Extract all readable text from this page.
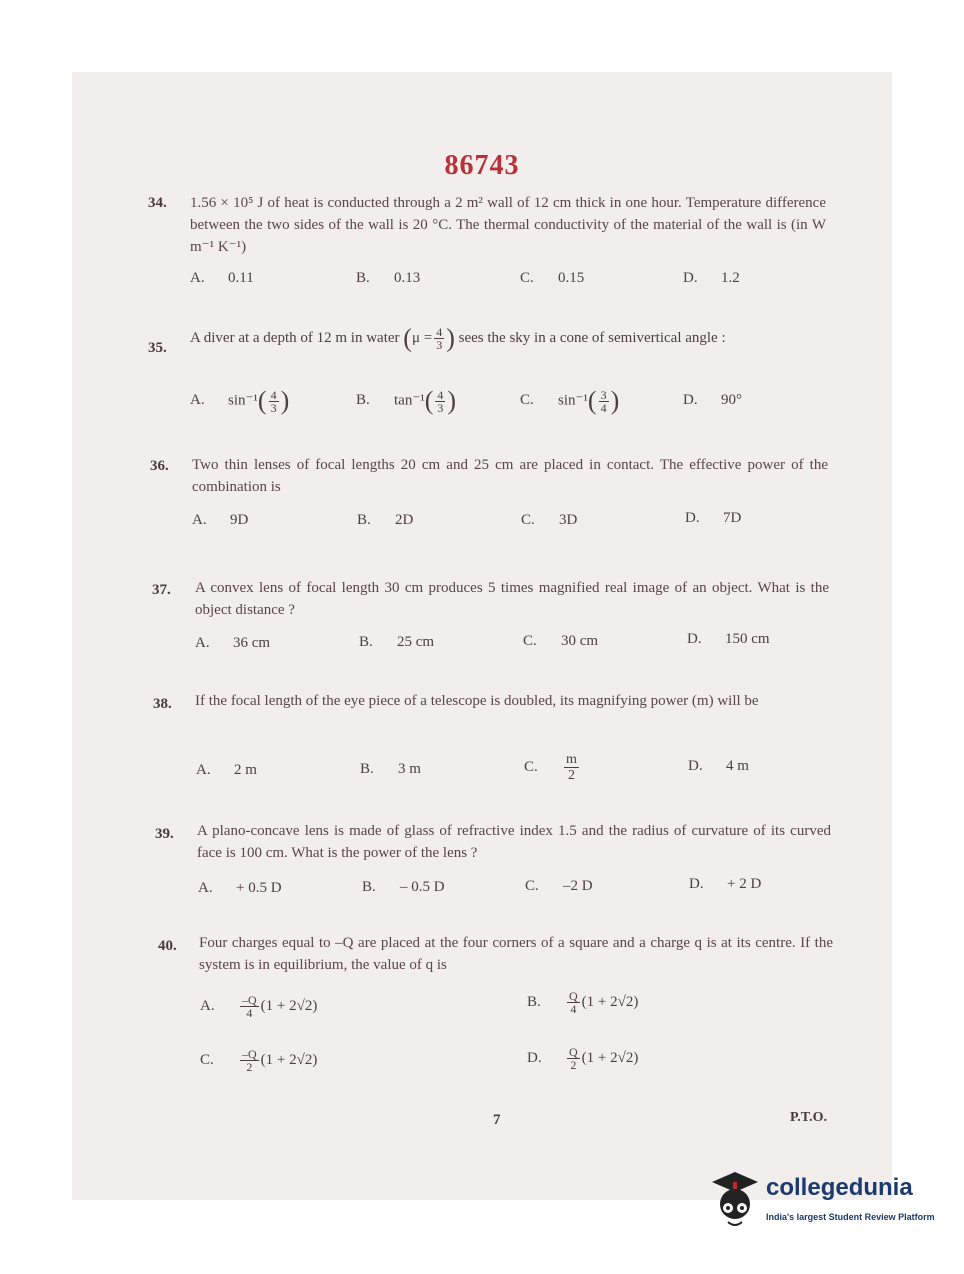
86743
34. 1.56 × 10⁵ J of heat is conducted through a 2 m² wall of 12 cm thick in one hour. Temperature difference between the two sides of the wall is 20 °C. The thermal conductivity of the material of the wall is (in W m⁻¹ K⁻¹)
A. 0.11	B. 0.13	C. 0.15	D. 1.2
35.
A diver at a depth of 12 m in water ($\mu = \frac{4}{3}$ ) sees the sky in a cone of semivertical angle :
A. $\sin^{-1}( \frac{4}{3}$ )	B. $\tan^{-1}( \frac{4}{3}$ )	C. $\sin^{-1}( \frac{3}{4}$ )	D. 90°
36. Two thin lenses of focal lengths 20 cm and 25 cm are placed in contact. The effective power of the combination is
A. 9D	B. 2D	C. 3D	D. 7D
37. A convex lens of focal length 30 cm produces 5 times magnified real image of an object. What is the object distance ?
A. 36 cm	B. 25 cm	C. 30 cm	D. 150 cm
38. If the focal length of the eye piece of a telescope is doubled, its magnifying power (m) will be
A. 2 m	B. 3 m	C. $\frac{m}{2}$	D. 4 m
39. A plano-concave lens is made of glass of refractive index 1.5 and the radius of curvature of its curved face is 100 cm. What is the power of the lens ?
A. + 0.5 D	B. – 0.5 D	C. –2 D	D. + 2 D
40. Four charges equal to –Q are placed at the four corners of a square and a charge q is at its centre. If the system is in equilibrium, the value of q is
A. $\frac{-Q}{4} (1 + 2√2)$	B. $\frac{Q}{4} (1 + 2√2)$
C. $\frac{-Q}{2} (1 + 2√2)$	D. $\frac{Q}{2} (1 + 2√2)$
7	P.T.O.
collegedunia
India's largest Student Review Platform
